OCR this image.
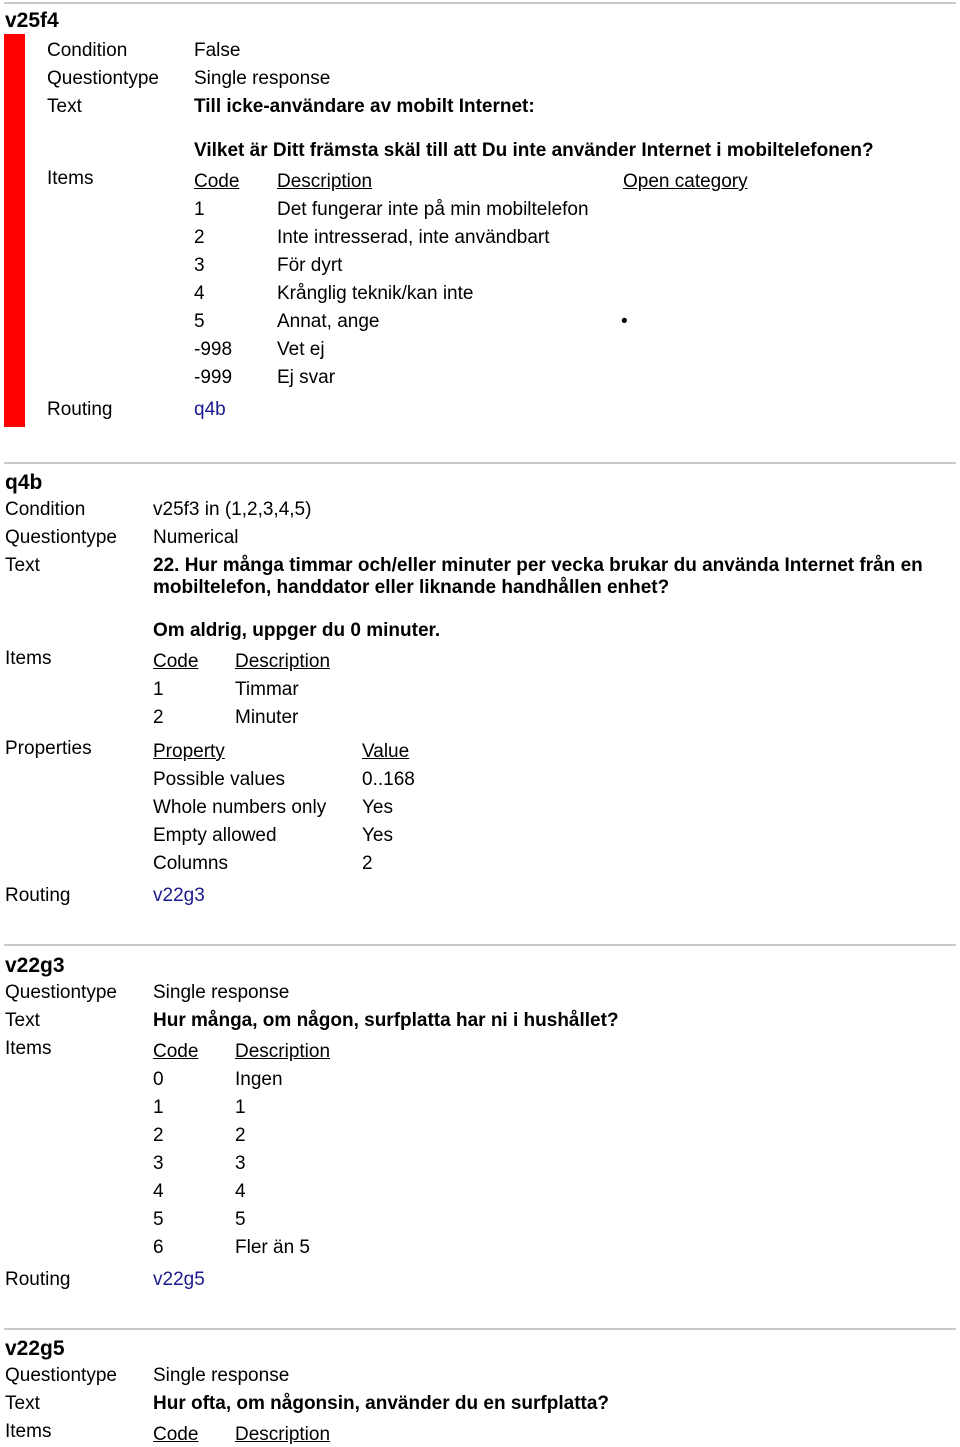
v25f4
Condition	False
Questiontype Single response
Text	Till icke-användare av mobilt Internet:
Vilket är Ditt främsta skäl till att Du inte använder Internet i mobiltelefonen?
Items	Code Description	Open category
1	Det fungerar inte på min mobiltelefon
2	Inte intresserad, inte användbart
3	För dyrt
4	Krånglig teknik/kan inte
5	Annat, ange	•
-998 Vet ej
-999 Ej svar
Routing	q4b
q4b
Condition	v25f3 in (1,2,3,4,5)
Questiontype Numerical
Text	22. Hur många timmar och/eller minuter per vecka brukar du använda Internet från en
mobiltelefon, handdator eller liknande handhållen enhet?
Om aldrig, uppger du 0 minuter.
Items	Code Description
1	Timmar
2	Minuter
Properties	Property	Value
Possible values	0..168
Whole numbers only Yes
Empty allowed	Yes
Columns	2
Routing	v22g3
v22g3
Questiontype Single response
Text	Hur många, om någon, surfplatta har ni i hushållet?
Items	Code Description
0	Ingen
1	1
2	2
3	3
4	4
5	5
6	Fler än 5
Routing	v22g5
v22g5
Questiontype Single response
Text	Hur ofta, om någonsin, använder du en surfplatta?
Items	Code Description
